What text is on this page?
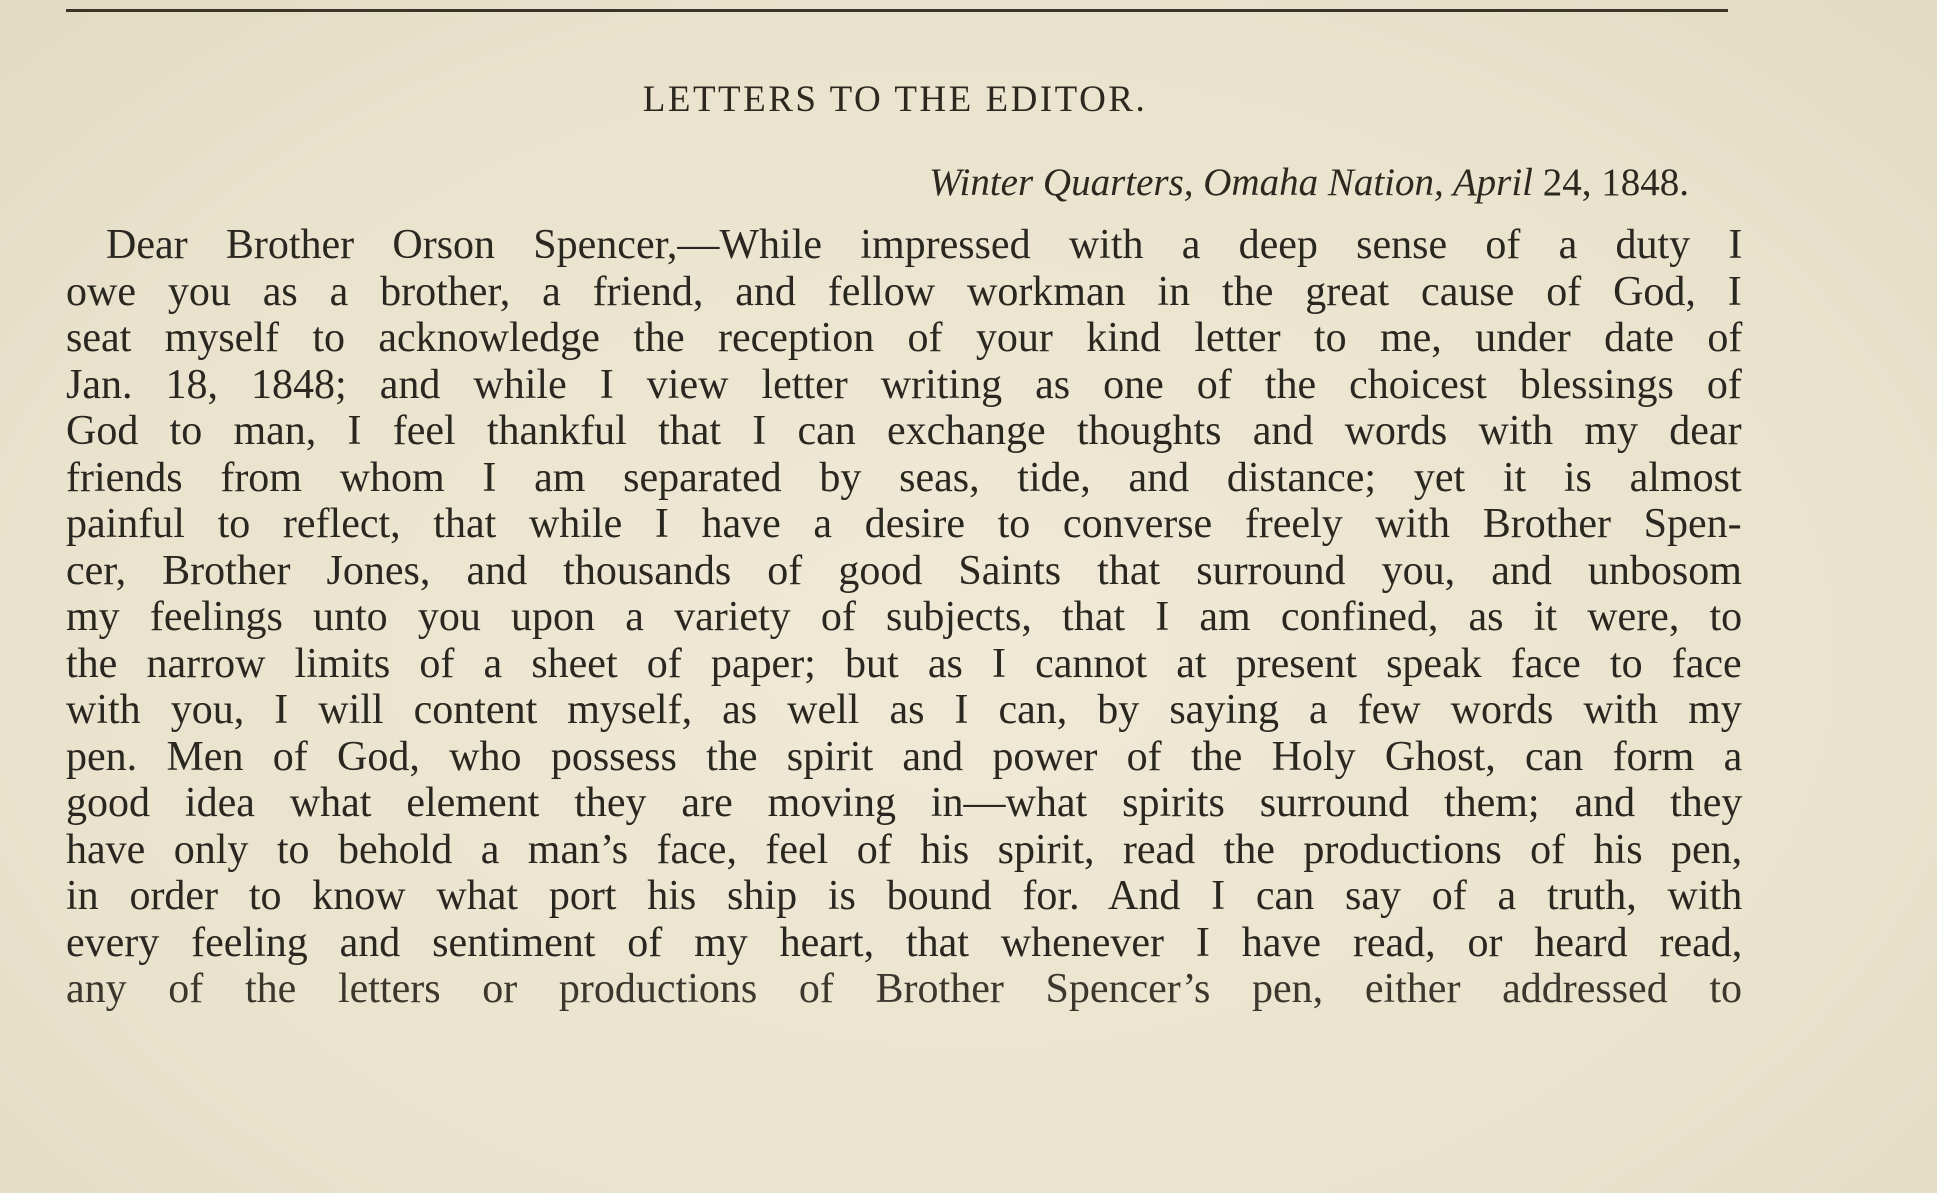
LETTERS TO THE EDITOR.
Winter Quarters, Omaha Nation, April 24, 1848.
Dear Brother Orson Spencer,—While impressed with a deep sense of a duty I
owe you as a brother, a friend, and fellow workman in the great cause of God, I
seat myself to acknowledge the reception of your kind letter to me, under date of
Jan. 18, 1848; and while I view letter writing as one of the choicest blessings of
God to man, I feel thankful that I can exchange thoughts and words with my dear
friends from whom I am separated by seas, tide, and distance; yet it is almost
painful to reflect, that while I have a desire to converse freely with Brother Spen-
cer, Brother Jones, and thousands of good Saints that surround you, and unbosom
my feelings unto you upon a variety of subjects, that I am confined, as it were, to
the narrow limits of a sheet of paper; but as I cannot at present speak face to face
with you, I will content myself, as well as I can, by saying a few words with my
pen. Men of God, who possess the spirit and power of the Holy Ghost, can form a
good idea what element they are moving in—what spirits surround them; and they
have only to behold a man’s face, feel of his spirit, read the productions of his pen,
in order to know what port his ship is bound for. And I can say of a truth, with
every feeling and sentiment of my heart, that whenever I have read, or heard read,
any of the letters or productions of Brother Spencer’s pen, either addressed to
